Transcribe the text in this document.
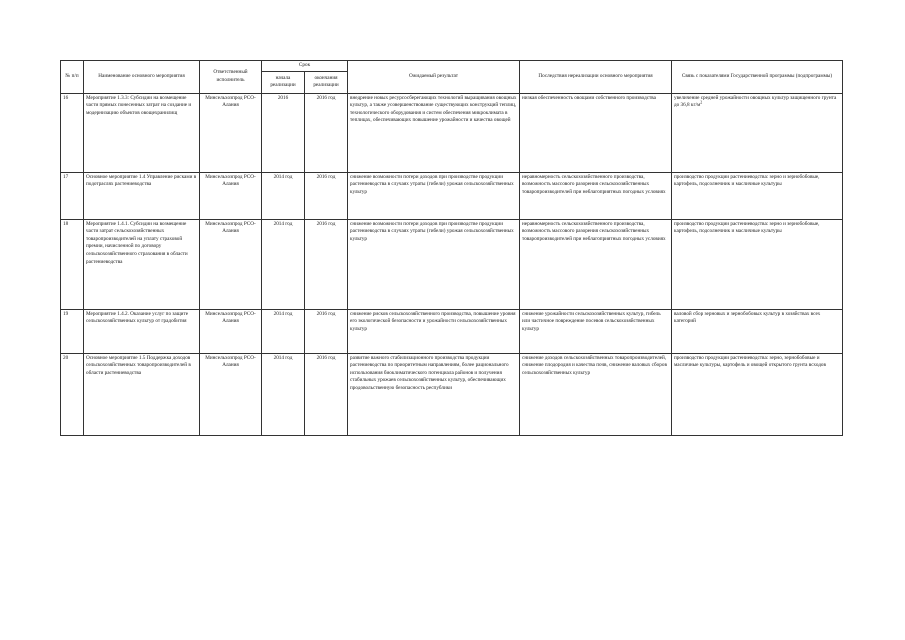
№ п/п	Наименование основного мероприятия	Ответственный исполнитель	Срок		Ожидаемый результат	Последствия нереализации основного мероприятия	Связь с показателями Государственной программы (подпрограммы)
			начала реализации	окончания реализации			
16	Мероприятие 1.3.3: Субсидии на возмещение части прямых понесенных затрат на создание и модернизацию объектов овощехранилищ	Минсельхозпрод РСО-Алания	2016	2016 год	внедрение новых ресурсосберегающих технологий выращивания овощных культур, а также усовершенствование существующих конструкций теплиц, технологического оборудования и систем обеспечения микроклимата в теплицах, обеспечивающих повышение урожайности и качества овощей	низкая обеспеченность овощами собственного производства	увеличение средней урожайности овощных культур защищенного грунта до 36,8 $кг/м^2$
17	Основное мероприятие 1.4 Управление рисками в подотраслях растениеводства	Минсельхозпрод РСО-Алания	2014 год	2016 год	снижение возможности потери доходов при производстве продукции растениеводства в случаях утраты (гибели) урожая сельскохозяйственных культур	неравномерность сельскохозяйственного производства, возможность массового разорения сельскохозяйственных товаропроизводителей при неблагоприятных погодных условиях	производство продукции растениеводства: зерно и зернобобовые, картофель, подсолнечник и масличные культуры
18	Мероприятие 1.4.1. Субсидии на возмещение части затрат сельскохозяйственных товаропроизводителей на уплату страховой премии, начисленной по договору сельскохозяйственного страхования в области растениеводства	Минсельхозпрод РСО-Алания	2014 год	2016 год	снижение возможности потери доходов при производстве продукции растениеводства в случаях утраты (гибели) урожая сельскохозяйственных культур	неравномерность сельскохозяйственного производства, возможность массового разорения сельскохозяйственных товаропроизводителей при неблагоприятных погодных условиях	производство продукции растениеводства: зерно и зернобобовые, картофель, подсолнечник и масличные культуры
19	Мероприятие 1.4.2. Оказание услуг по защите сельскохозяйственных культур от градобития	Минсельхозпрод РСО-Алания	2014 год	2016 год	снижение рисков сельскохозяйственного производства, повышение уровня его экологической безопасности и урожайности сельскохозяйственных культур	снижение урожайности сельскохозяйственных культур, гибель или частичное повреждение посевов сельскохозяйственных культур	валовой сбор зерновых и зернобобовых культур в хозяйствах всех категорий
20	Основное мероприятие 1.5 Поддержка доходов сельскохозяйственных товаропроизводителей в области растениеводства	Минсельхозпрод РСО-Алания	2014 год	2016 год	развитие важного стабилизационного производства продукции растениеводства по приоритетным направлениям, более рационального использования биоклиматического потенциала районов и получения стабильных урожаев сельскохозяйственных культур, обеспечивающих продовольственную безопасность республики	снижение доходов сельскохозяйственных товаропроизводителей, снижение плодородия и качества почв, снижение валовых сборов сельскохозяйственных культур	производство продукции растениеводства: зерно, зернобобовые и масличные культуры, картофель и овощей открытого грунта всходов
